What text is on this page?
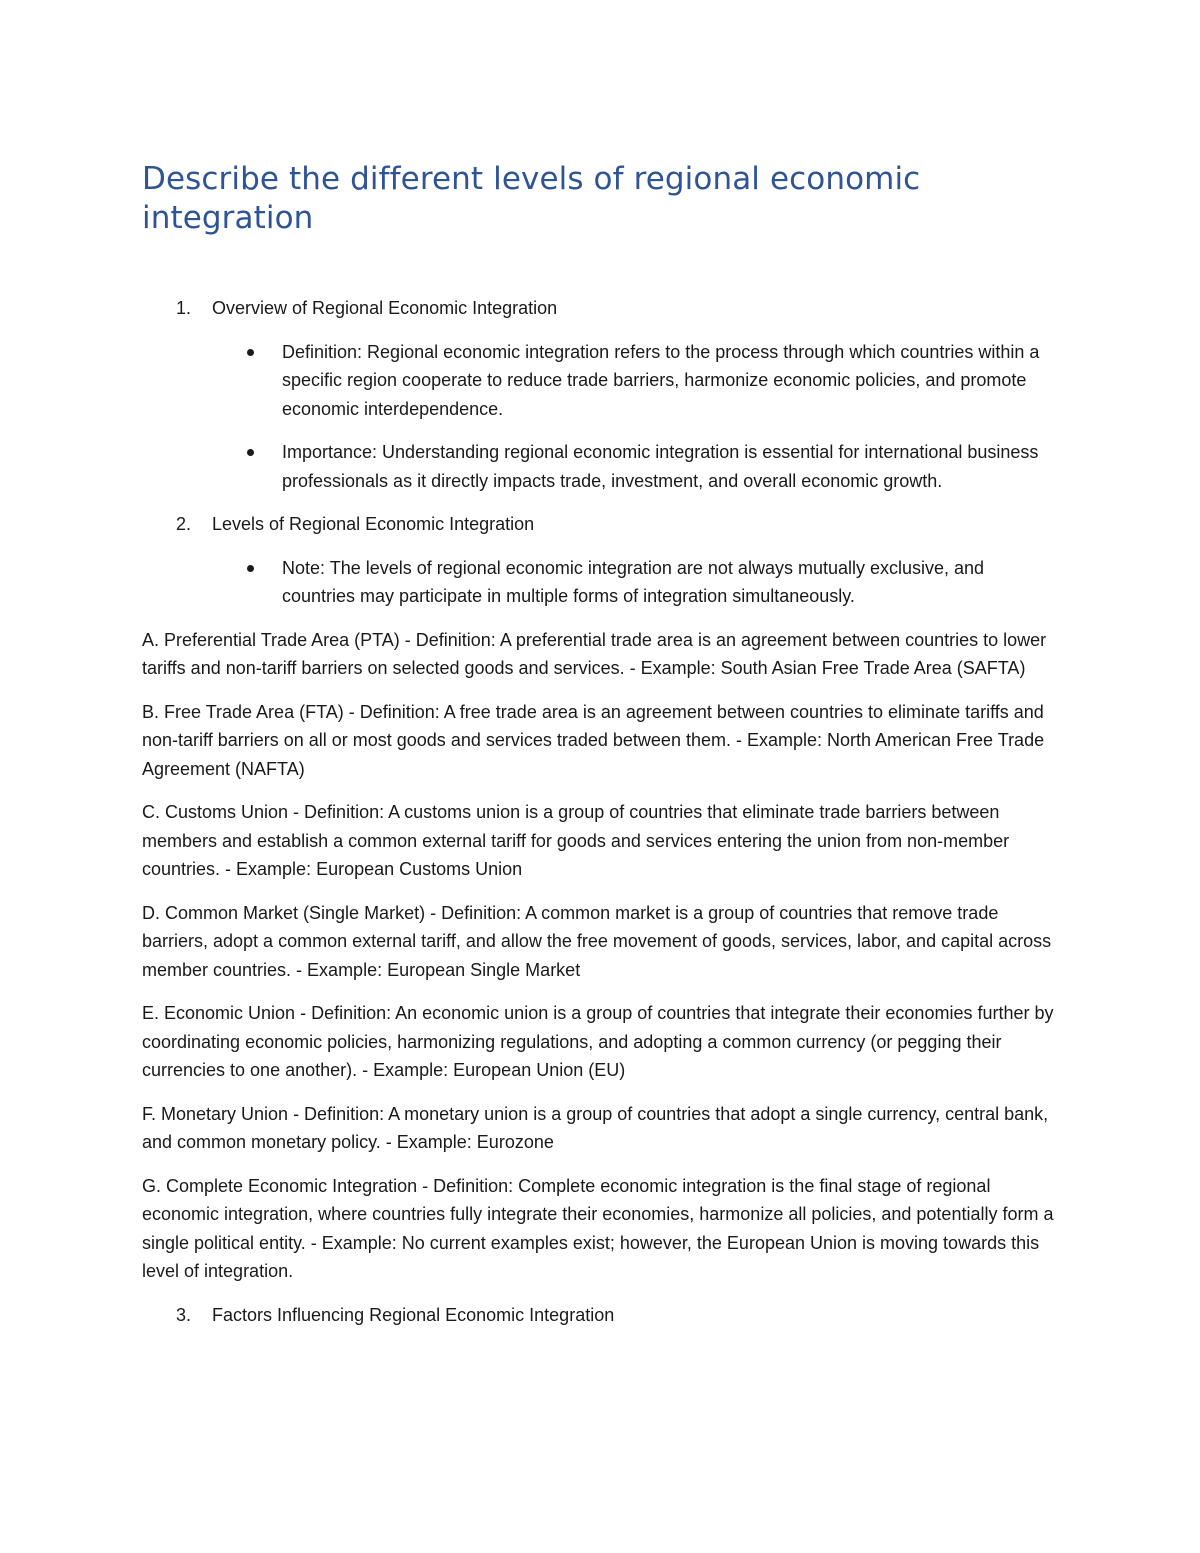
Describe the different levels of regional economic integration
1. Overview of Regional Economic Integration
Definition: Regional economic integration refers to the process through which countries within a specific region cooperate to reduce trade barriers, harmonize economic policies, and promote economic interdependence.
Importance: Understanding regional economic integration is essential for international business professionals as it directly impacts trade, investment, and overall economic growth.
2. Levels of Regional Economic Integration
Note: The levels of regional economic integration are not always mutually exclusive, and countries may participate in multiple forms of integration simultaneously.

A. Preferential Trade Area (PTA) - Definition: A preferential trade area is an agreement between countries to lower tariffs and non-tariff barriers on selected goods and services. - Example: South Asian Free Trade Area (SAFTA)

B. Free Trade Area (FTA) - Definition: A free trade area is an agreement between countries to eliminate tariffs and non-tariff barriers on all or most goods and services traded between them. - Example: North American Free Trade Agreement (NAFTA)

C. Customs Union - Definition: A customs union is a group of countries that eliminate trade barriers between members and establish a common external tariff for goods and services entering the union from non-member countries. - Example: European Customs Union

D. Common Market (Single Market) - Definition: A common market is a group of countries that remove trade barriers, adopt a common external tariff, and allow the free movement of goods, services, labor, and capital across member countries. - Example: European Single Market

E. Economic Union - Definition: An economic union is a group of countries that integrate their economies further by coordinating economic policies, harmonizing regulations, and adopting a common currency (or pegging their currencies to one another). - Example: European Union (EU)

F. Monetary Union - Definition: A monetary union is a group of countries that adopt a single currency, central bank, and common monetary policy. - Example: Eurozone

G. Complete Economic Integration - Definition: Complete economic integration is the final stage of regional economic integration, where countries fully integrate their economies, harmonize all policies, and potentially form a single political entity. - Example: No current examples exist; however, the European Union is moving towards this level of integration.

3. Factors Influencing Regional Economic Integration
